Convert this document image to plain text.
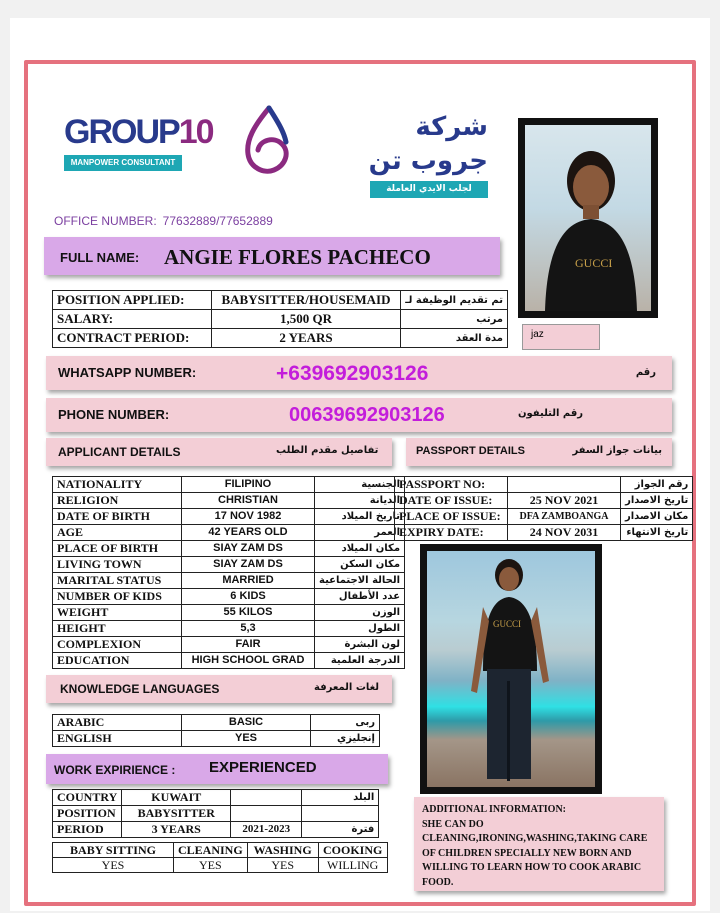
GROUP10
MANPOWER CONSULTANT
شركة جروب تن
لجلب الايدي العاملة
OFFICE NUMBER: 77632889/77652889
FULL NAME: ANGIE FLORES PACHECO
POSITION APPLIED:	BABYSITTER/HOUSEMAID	تم تقديم الوظيفة لـ
SALARY:	1,500 QR	مرتب
CONTRACT PERIOD:	2 YEARS	مدة العقد
GUCCI
jaz
WHATSAPP NUMBER:	+639692903126	رقم
PHONE NUMBER:	00639692903126	رقم التليفون
APPLICANT DETAILS	تفاصيل مقدم الطلب	PASSPORT DETAILS	بيانات جواز السفر
NATIONALITY	FILIPINO	الجنسية
RELIGION	CHRISTIAN	الديانة
DATE OF BIRTH	17 NOV 1982	تاريخ الميلاد
AGE	42 YEARS OLD	العمر
PLACE OF BIRTH	SIAY ZAM DS	مكان الميلاد
LIVING TOWN	SIAY ZAM DS	مكان السكن
MARITAL STATUS	MARRIED	الحالة الاجتماعية
NUMBER OF KIDS	6 KIDS	عدد الأطفال
WEIGHT	55 KILOS	الوزن
HEIGHT	5,3	الطول
COMPLEXION	FAIR	لون البشرة
EDUCATION	HIGH SCHOOL GRAD	الدرجة العلمية
PASSPORT NO:		رقم الجواز
DATE OF ISSUE:	25 NOV 2021	تاريخ الاصدار
PLACE OF ISSUE:	DFA ZAMBOANGA	مكان الاصدار
EXPIRY DATE:	24 NOV 2031	تاريخ الانتهاء
GUCCI
KNOWLEDGE LANGUAGES	لغات المعرفة
ARABIC	BASIC	ربى
ENGLISH	YES	إنجليزي
WORK EXPIRIENCE : EXPERIENCED
COUNTRY	KUWAIT		البلد
POSITION	BABYSITTER		
PERIOD	3 YEARS	2021-2023	فترة
BABY SITTING	CLEANING	WASHING	COOKING
YES	YES	YES	WILLING
ADDITIONAL INFORMATION:
SHE CAN DO
CLEANING,IRONING,WASHING,TAKING CARE
OF CHILDREN SPECIALLY NEW BORN AND
WILLING TO LEARN HOW TO COOK ARABIC
FOOD.
